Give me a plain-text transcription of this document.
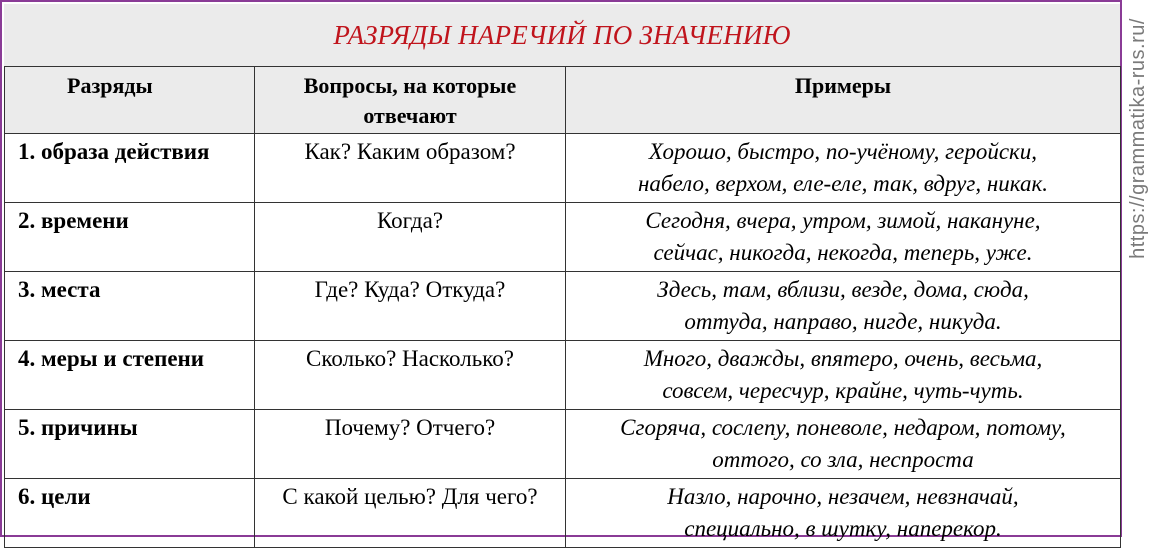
РАЗРЯДЫ НАРЕЧИЙ ПО ЗНАЧЕНИЮ
Разряды	Вопросы, на которые отвечают	Примеры
1. образа действия	Как? Каким образом?	Хорошо, быстро, по-учёному, геройски,
набело, верхом, еле-еле, так, вдруг, никак.

2. времени	Когда?	Сегодня, вчера, утром, зимой, накануне,
сейчас, никогда, некогда, теперь, уже.

3. места	Где? Куда? Откуда?	Здесь, там, вблизи, везде, дома, сюда,
оттуда, направо, нигде, никуда.

4. меры и степени	Сколько? Насколько?	Много, дважды, впятеро, очень, весьма,
совсем, чересчур, крайне, чуть-чуть.

5. причины	Почему? Отчего?	Сгоряча, сослепу, поневоле, недаром, потому,
оттого, со зла, неспроста

6. цели	С какой целью? Для чего?	Назло, нарочно, незачем, невзначай,
специально, в шутку, наперекор.
https://grammatika-rus.ru/
